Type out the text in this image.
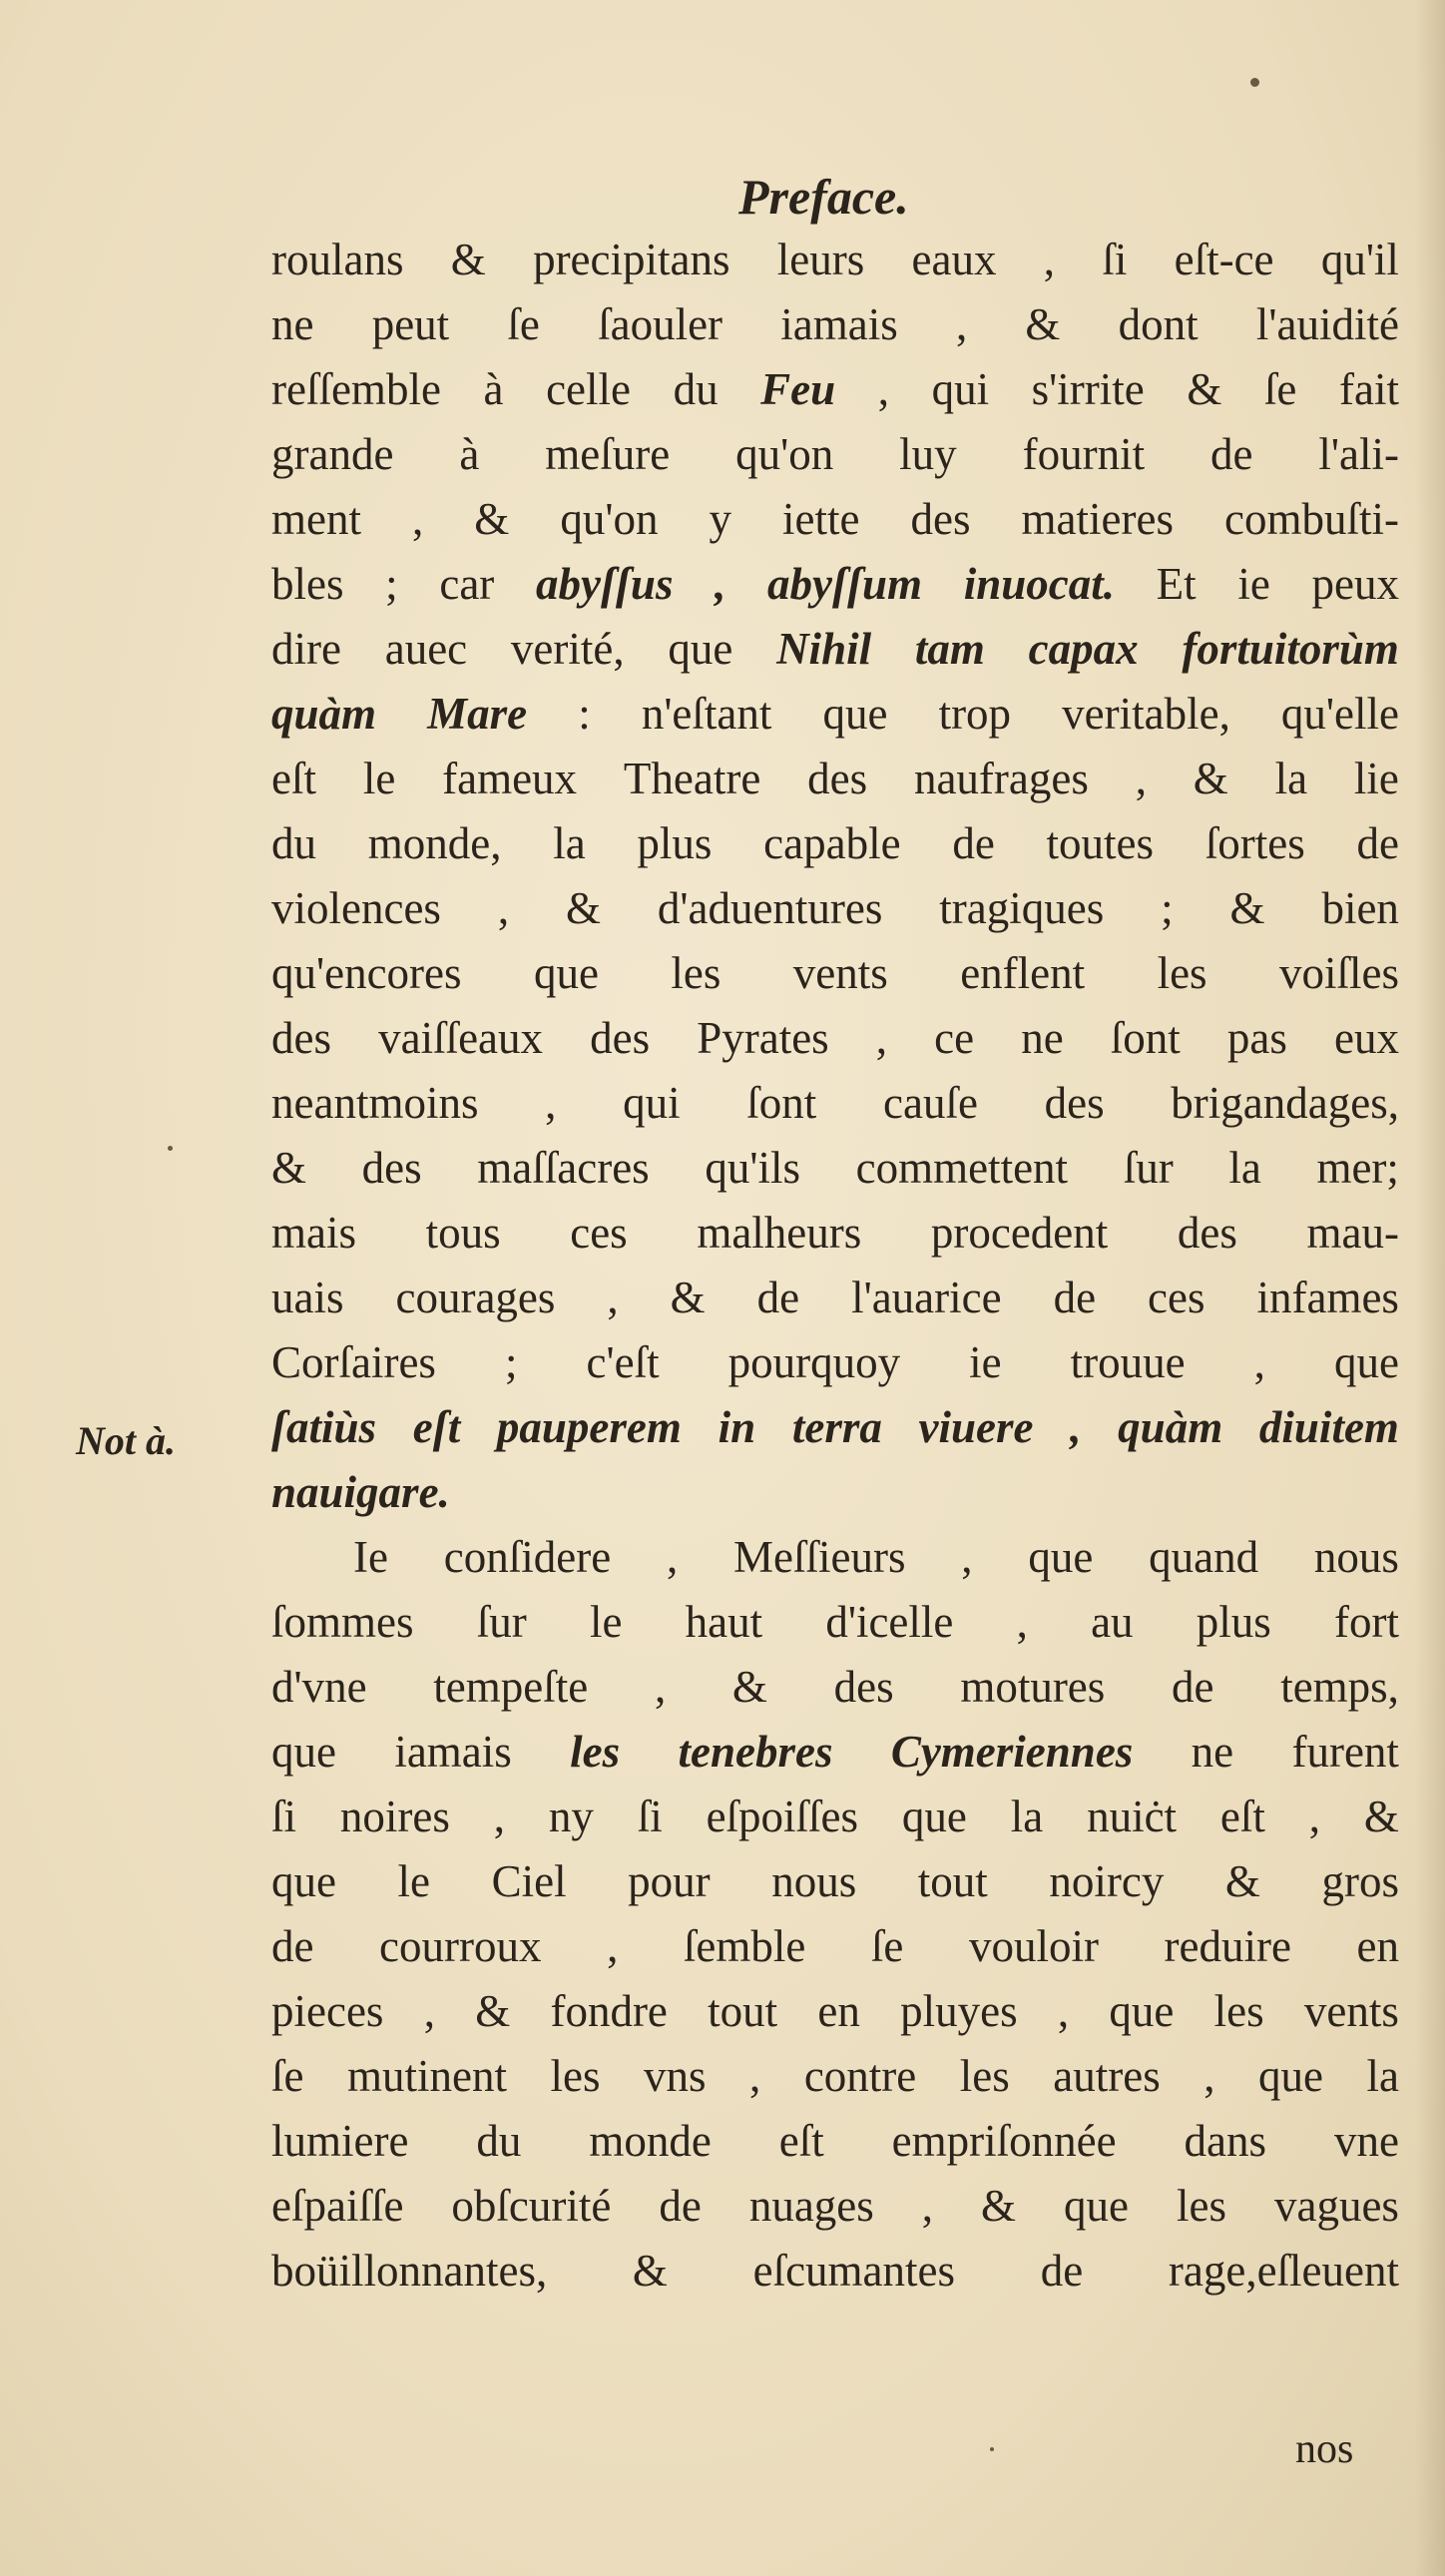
Preface.
roulans & precipitans leurs eaux , ſi eſt-ce qu'il
ne peut ſe ſaouler iamais , & dont l'auidité
reſſemble à celle du Feu , qui s'irrite & ſe fait
grande à meſure qu'on luy fournit de l'ali-
ment , & qu'on y iette des matieres combuſti-
bles ; car abyſſus , abyſſum inuocat. Et ie peux
dire auec verité, que Nihil tam capax fortuitorùm
quàm Mare : n'eſtant que trop veritable, qu'elle
eſt le fameux Theatre des naufrages , & la lie
du monde, la plus capable de toutes ſortes de
violences , & d'aduentures tragiques ; & bien
qu'encores que les vents enflent les voiſles
des vaiſſeaux des Pyrates , ce ne ſont pas eux
neantmoins , qui ſont cauſe des brigandages,
& des maſſacres qu'ils commettent ſur la mer;
mais tous ces malheurs procedent des mau-
uais courages , & de l'auarice de ces infames
Corſaires ; c'eſt pourquoy ie trouue , que
ſatiùs eſt pauperem in terra viuere , quàm diuitem
nauigare.
Ie conſidere , Meſſieurs , que quand nous
ſommes ſur le haut d'icelle , au plus fort
d'vne tempeſte , & des motures de temps,
que iamais les tenebres Cymeriennes ne furent
ſi noires , ny ſi eſpoiſſes que la nuiċt eſt , &
que le Ciel pour nous tout noircy & gros
de courroux , ſemble ſe vouloir reduire en
pieces , & fondre tout en pluyes , que les vents
ſe mutinent les vns , contre les autres , que la
lumiere du monde eſt empriſonnée dans vne
eſpaiſſe obſcurité de nuages , & que les vagues
boüillonnantes, & eſcumantes de rage,eſleuent
Not à.
nos
